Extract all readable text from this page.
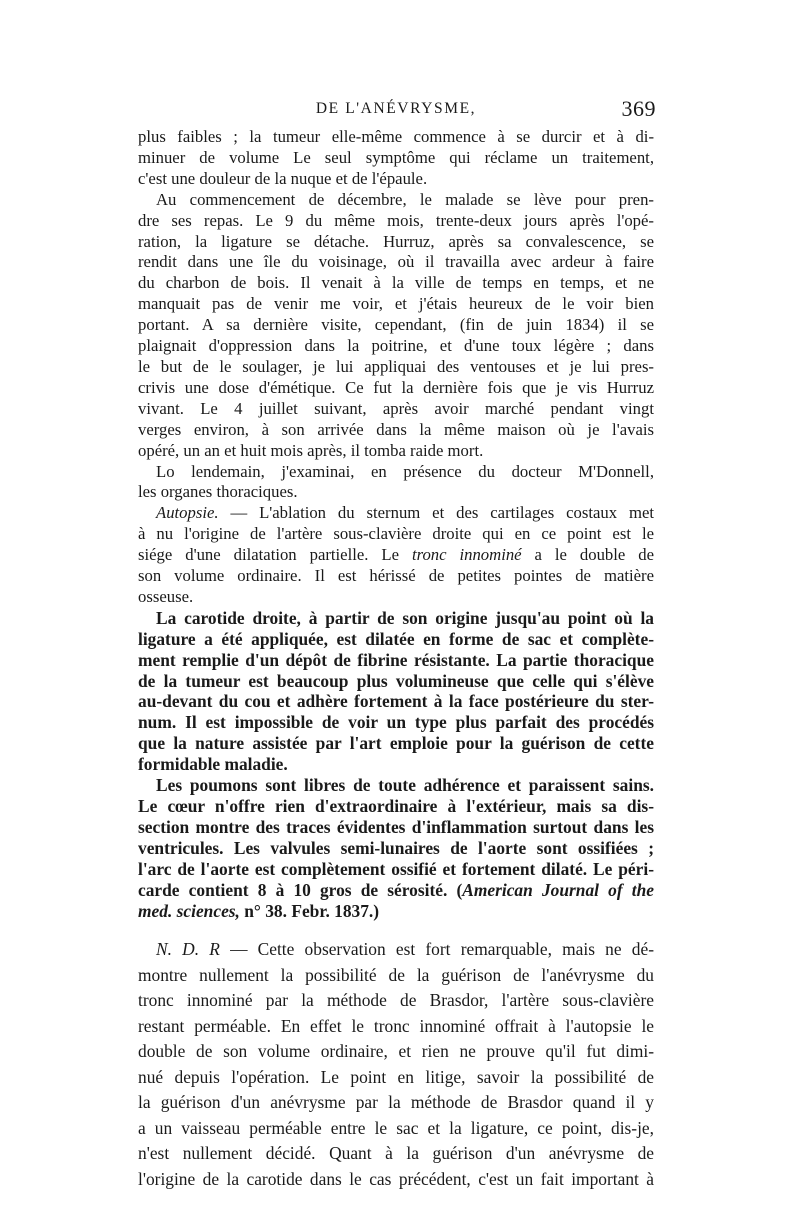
DE L'ANÉVRYSME,	369

plus faibles ; la tumeur elle-même commence à se durcir et à di-
minuer de volume Le seul symptôme qui réclame un traitement,
c'est une douleur de la nuque et de l'épaule.

Au commencement de décembre, le malade se lève pour pren-
dre ses repas. Le 9 du même mois, trente-deux jours après l'opé-
ration, la ligature se détache. Hurruz, après sa convalescence, se
rendit dans une île du voisinage, où il travailla avec ardeur à faire
du charbon de bois. Il venait à la ville de temps en temps, et ne
manquait pas de venir me voir, et j'étais heureux de le voir bien
portant. A sa dernière visite, cependant, (fin de juin 1834) il se
plaignait d'oppression dans la poitrine, et d'une toux légère ; dans
le but de le soulager, je lui appliquai des ventouses et je lui pres-
crivis une dose d'émétique. Ce fut la dernière fois que je vis Hurruz
vivant. Le 4 juillet suivant, après avoir marché pendant vingt
verges environ, à son arrivée dans la même maison où je l'avais
opéré, un an et huit mois après, il tomba raide mort.

Lo lendemain, j'examinai, en présence du docteur M'Donnell,
les organes thoraciques.

Autopsie. — L'ablation du sternum et des cartilages costaux met
à nu l'origine de l'artère sous-clavière droite qui en ce point est le
siége d'une dilatation partielle. Le tronc innominé a le double de
son volume ordinaire. Il est hérissé de petites pointes de matière
osseuse.

La carotide droite, à partir de son origine jusqu'au point où la
ligature a été appliquée, est dilatée en forme de sac et complète-
ment remplie d'un dépôt de fibrine résistante. La partie thoracique
de la tumeur est beaucoup plus volumineuse que celle qui s'élève
au-devant du cou et adhère fortement à la face postérieure du ster-
num. Il est impossible de voir un type plus parfait des procédés
que la nature assistée par l'art emploie pour la guérison de cette
formidable maladie.

Les poumons sont libres de toute adhérence et paraissent sains.
Le cœur n'offre rien d'extraordinaire à l'extérieur, mais sa dis-
section montre des traces évidentes d'inflammation surtout dans les
ventricules. Les valvules semi-lunaires de l'aorte sont ossifiées ;
l'arc de l'aorte est complètement ossifié et fortement dilaté. Le péri-
carde contient 8 à 10 gros de sérosité. (American Journal of the
med. sciences, n° 38. Febr. 1837.)

N. D. R — Cette observation est fort remarquable, mais ne dé-
montre nullement la possibilité de la guérison de l'anévrysme du
tronc innominé par la méthode de Brasdor, l'artère sous-clavière
restant perméable. En effet le tronc innominé offrait à l'autopsie le
double de son volume ordinaire, et rien ne prouve qu'il fut dimi-
nué depuis l'opération. Le point en litige, savoir la possibilité de
la guérison d'un anévrysme par la méthode de Brasdor quand il y
a un vaisseau perméable entre le sac et la ligature, ce point, dis-je,
n'est nullement décidé. Quant à la guérison d'un anévrysme de
l'origine de la carotide dans le cas précédent, c'est un fait important à
